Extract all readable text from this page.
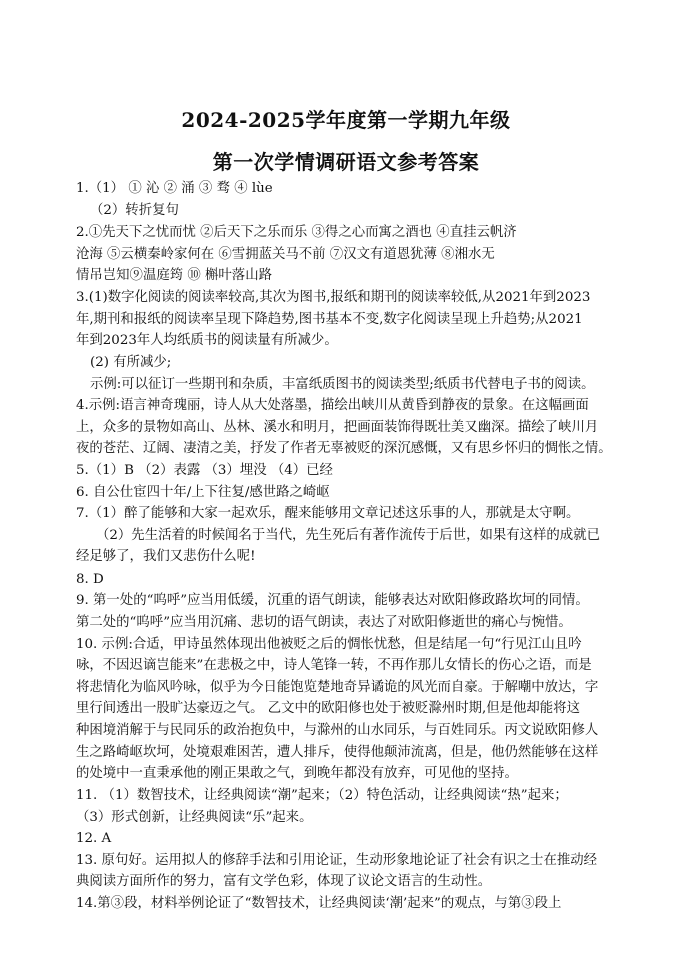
2024-2025学年度第一学期九年级
第一次学情调研语文参考答案
1.（1） ① 沁 ② 涌 ③ 骛 ④ lùe
（2）转折复句
2.①先天下之忧而忧 ②后天下之乐而乐 ③得之心而寓之酒也 ④直挂云帆济
沧海 ⑤云横秦岭家何在 ⑥雪拥蓝关马不前 ⑦汉文有道恩犹薄 ⑧湘水无
情吊岂知⑨温庭筠 ⑩ 槲叶落山路
3.(1)数字化阅读的阅读率较高,其次为图书,报纸和期刊的阅读率较低,从2021年到2023
年,期刊和报纸的阅读率呈现下降趋势,图书基本不变,数字化阅读呈现上升趋势;从2021
年到2023年人均纸质书的阅读量有所减少。
(2) 有所减少;
示例:可以征订一些期刊和杂质，丰富纸质图书的阅读类型;纸质书代替电子书的阅读。
4.示例:语言神奇瑰丽，诗人从大处落墨，描绘出峡川从黄昏到静夜的景象。在这幅画面
上，众多的景物如高山、丛林、溪水和明月，把画面装饰得既壮美又幽深。描绘了峡川月
夜的苍茫、辽阔、凄清之美，抒发了作者无辜被贬的深沉感慨，又有思乡怀归的惆怅之情。
5.（1）B （2）表露 （3）埋没 （4）已经
6. 自公仕宦四十年/上下往复/感世路之崎岖
7.（1）醉了能够和大家一起欢乐，醒来能够用文章记述这乐事的人，那就是太守啊。
（2）先生活着的时候闻名于当代，先生死后有著作流传于后世，如果有这样的成就已
经足够了，我们又悲伤什么呢!
8. D
9. 第一处的“呜呼”应当用低缓，沉重的语气朗读，能够表达对欧阳修政路坎坷的同情。
第二处的“呜呼”应当用沉痛、悲切的语气朗读，表达了对欧阳修逝世的痛心与惋惜。
10. 示例:合适，甲诗虽然体现出他被贬之后的惆怅忧愁，但是结尾一句“行见江山且吟
咏，不因迟谪岂能来”在悲极之中，诗人笔锋一转，不再作那儿女情长的伤心之语，而是
将悲情化为临风吟咏，似乎为今日能饱览楚地奇异谲诡的风光而自豪。于解嘲中放达，字
里行间透出一股旷达豪迈之气。 乙文中的欧阳修也处于被贬滁州时期,但是他却能将这
种困境消解于与民同乐的政治抱负中，与滁州的山水同乐，与百姓同乐。丙文说欧阳修人
生之路崎岖坎坷，处境艰难困苦，遭人排斥，使得他颠沛流离，但是，他仍然能够在这样
的处境中一直秉承他的刚正果敢之气，到晚年都没有放弃，可见他的坚持。
11. （1）数智技术，让经典阅读“潮”起来；（2）特色活动，让经典阅读“热”起来；
（3）形式创新，让经典阅读“乐”起来。
12. A
13. 原句好。运用拟人的修辞手法和引用论证，生动形象地论证了社会有识之士在推动经
典阅读方面所作的努力，富有文学色彩，体现了议论文语言的生动性。
14.第③段，材料举例论证了“数智技术，让经典阅读‘潮’起来”的观点，与第③段上
